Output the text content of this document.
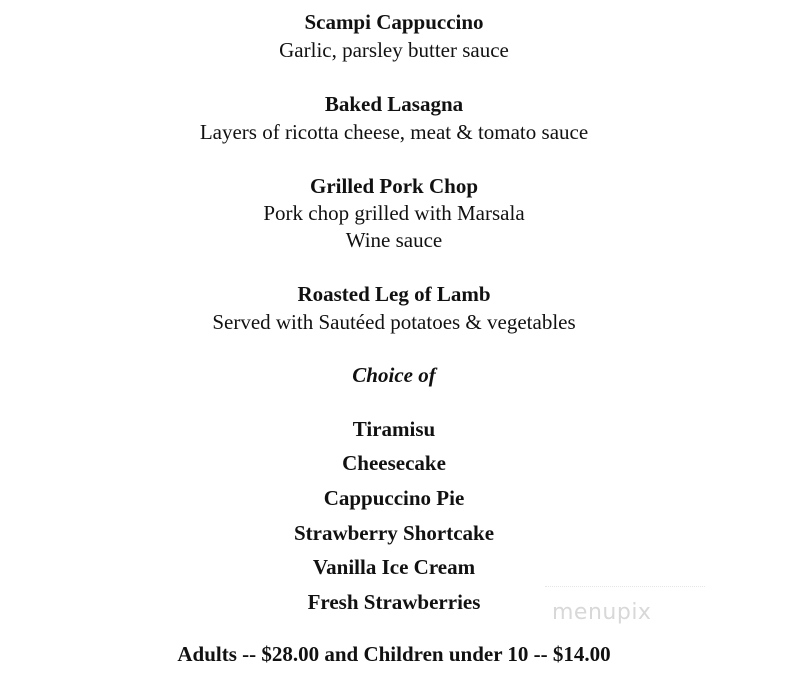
Scampi Cappuccino
Garlic, parsley butter sauce
Baked Lasagna
Layers of ricotta cheese, meat & tomato sauce
Grilled Pork Chop
Pork chop grilled with Marsala
Wine sauce
Roasted Leg of Lamb
Served with Sautéed potatoes & vegetables
Choice of
Tiramisu
Cheesecake
Cappuccino Pie
Strawberry Shortcake
Vanilla Ice Cream
Fresh Strawberries
Adults -- $28.00 and Children under 10 -- $14.00
menupix
